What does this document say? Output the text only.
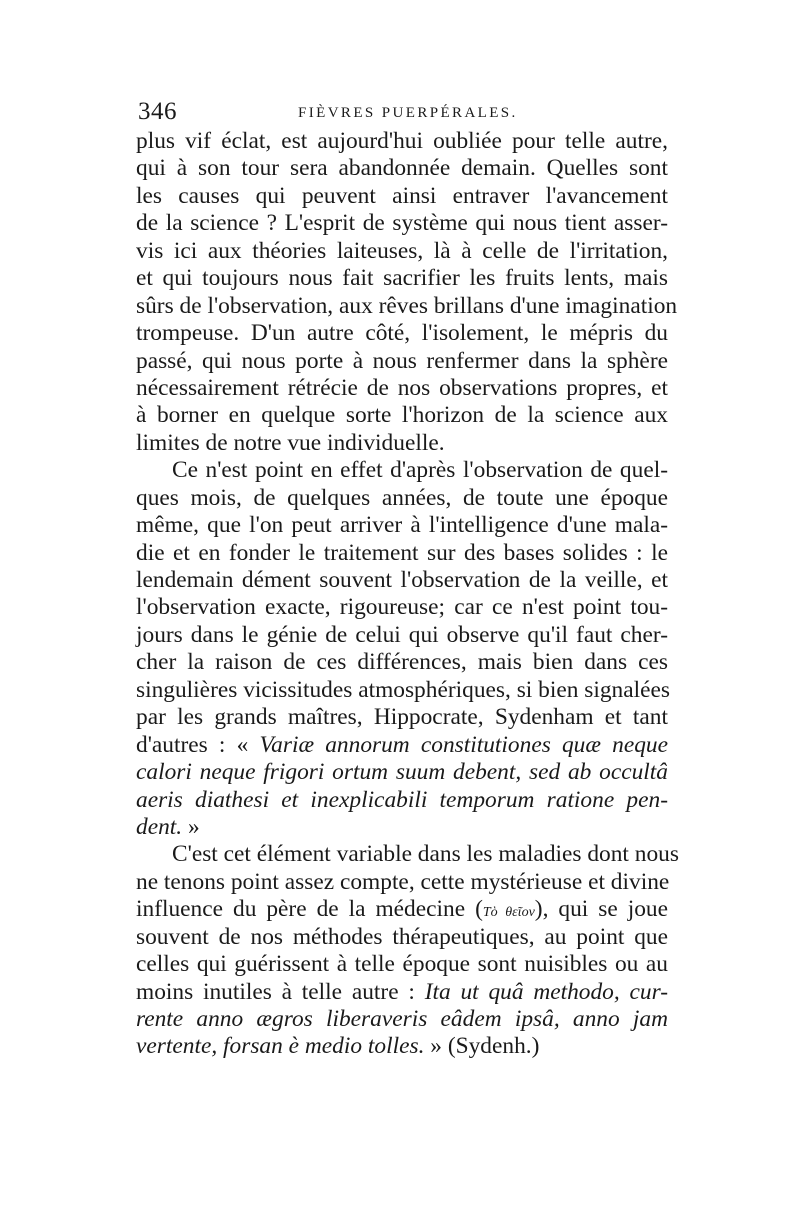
346	FIÈVRES PUERPÉRALES.
plus vif éclat, est aujourd'hui oubliée pour telle autre,
qui à son tour sera abandonnée demain. Quelles sont
les causes qui peuvent ainsi entraver l'avancement
de la science ? L'esprit de système qui nous tient asser-
vis ici aux théories laiteuses, là à celle de l'irritation,
et qui toujours nous fait sacrifier les fruits lents, mais
sûrs de l'observation, aux rêves brillans d'une imagination
trompeuse. D'un autre côté, l'isolement, le mépris du
passé, qui nous porte à nous renfermer dans la sphère
nécessairement rétrécie de nos observations propres, et
à borner en quelque sorte l'horizon de la science aux
limites de notre vue individuelle.
Ce n'est point en effet d'après l'observation de quel-
ques mois, de quelques années, de toute une époque
même, que l'on peut arriver à l'intelligence d'une mala-
die et en fonder le traitement sur des bases solides : le
lendemain dément souvent l'observation de la veille, et
l'observation exacte, rigoureuse; car ce n'est point tou-
jours dans le génie de celui qui observe qu'il faut cher-
cher la raison de ces différences, mais bien dans ces
singulières vicissitudes atmosphériques, si bien signalées
par les grands maîtres, Hippocrate, Sydenham et tant
d'autres : « Variæ annorum constitutiones quæ neque
calori neque frigori ortum suum debent, sed ab occultâ
aeris diathesi et inexplicabili temporum ratione pen-
dent. »
C'est cet élément variable dans les maladies dont nous
ne tenons point assez compte, cette mystérieuse et divine
influence du père de la médecine (Τὸ θεῖον), qui se joue
souvent de nos méthodes thérapeutiques, au point que
celles qui guérissent à telle époque sont nuisibles ou au
moins inutiles à telle autre : Ita ut quâ methodo, cur-
rente anno ægros liberaveris eâdem ipsâ, anno jam
vertente, forsan è medio tolles. » (Sydenh.)
